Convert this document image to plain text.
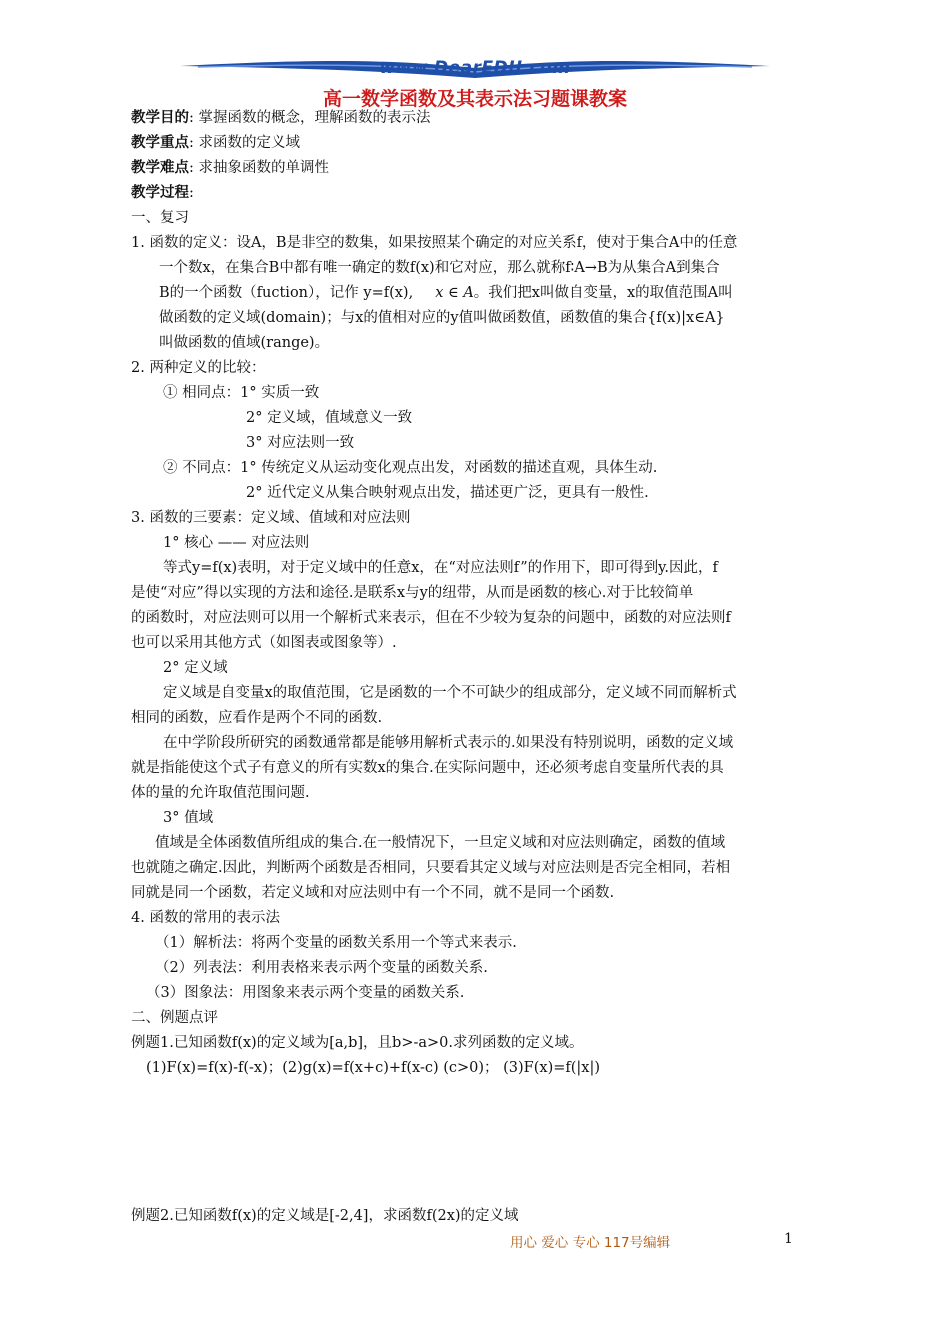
www.DearEDU.com
高一数学函数及其表示法习题课教案
教学目的: 掌握函数的概念，理解函数的表示法
教学重点: 求函数的定义域
教学难点: 求抽象函数的单调性
教学过程:
一、复习
1. 函数的定义：设A，B是非空的数集，如果按照某个确定的对应关系f，使对于集合A中的任意
一个数x，在集合B中都有唯一确定的数f(x)和它对应，那么就称f∶A→B为从集合A到集合
B的一个函数（fuction），记作 y=f(x), x ∈ A。我们把x叫做自变量，x的取值范围A叫
做函数的定义域(domain)；与x的值相对应的y值叫做函数值，函数值的集合{f(x)|x∈A}
叫做函数的值域(range)。
2. 两种定义的比较：
① 相同点：1° 实质一致
2° 定义域，值域意义一致
3° 对应法则一致
② 不同点：1° 传统定义从运动变化观点出发，对函数的描述直观，具体生动.
2° 近代定义从集合映射观点出发，描述更广泛，更具有一般性.
3. 函数的三要素：定义域、值域和对应法则
1° 核心 —— 对应法则
等式y=f(x)表明，对于定义域中的任意x，在“对应法则f”的作用下，即可得到y.因此，f
是使“对应”得以实现的方法和途径.是联系x与y的纽带，从而是函数的核心.对于比较简单
的函数时，对应法则可以用一个解析式来表示，但在不少较为复杂的问题中，函数的对应法则f
也可以采用其他方式（如图表或图象等）.
2° 定义域
定义域是自变量x的取值范围，它是函数的一个不可缺少的组成部分，定义域不同而解析式
相同的函数，应看作是两个不同的函数.
在中学阶段所研究的函数通常都是能够用解析式表示的.如果没有特别说明，函数的定义域
就是指能使这个式子有意义的所有实数x的集合.在实际问题中，还必须考虑自变量所代表的具
体的量的允许取值范围问题.
3° 值域
值域是全体函数值所组成的集合.在一般情况下，一旦定义域和对应法则确定，函数的值域
也就随之确定.因此，判断两个函数是否相同，只要看其定义域与对应法则是否完全相同，若相
同就是同一个函数，若定义域和对应法则中有一个不同，就不是同一个函数.
4. 函数的常用的表示法
（1）解析法：将两个变量的函数关系用一个等式来表示.
（2）列表法：利用表格来表示两个变量的函数关系.
（3）图象法：用图象来表示两个变量的函数关系.
二、例题点评
例题1.已知函数f(x)的定义域为[a,b]，且b>-a>0.求列函数的定义域。
(1)F(x)=f(x)-f(-x)；(2)g(x)=f(x+c)+f(x-c) (c>0)； (3)F(x)=f(|x|)
例题2.已知函数f(x)的定义域是[-2,4]，求函数f(2x)的定义域
用心 爱心 专心 117号编辑	1
